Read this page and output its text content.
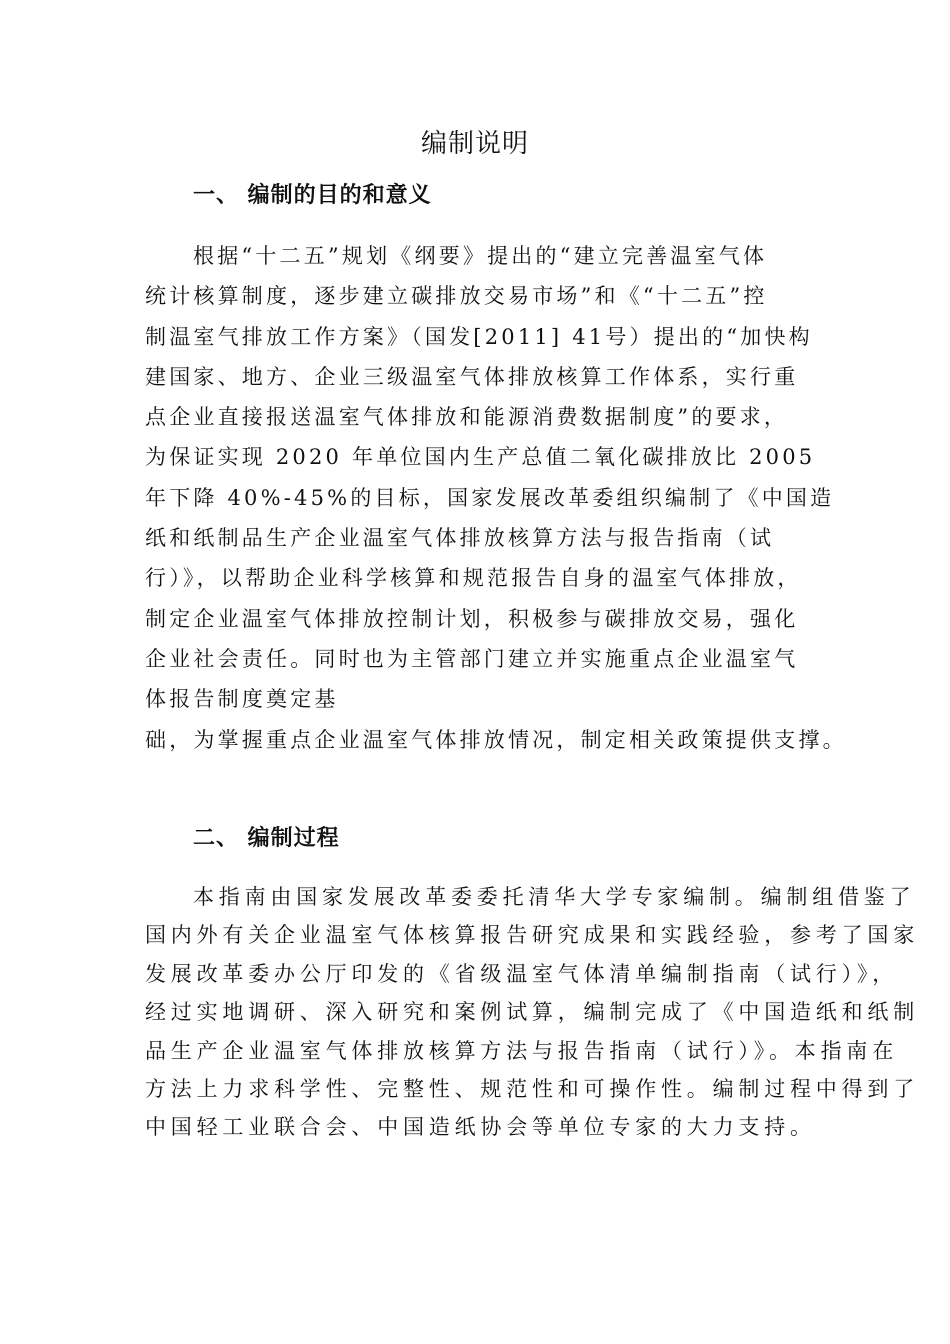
编制说明
一、 编制的目的和意义
根据“十二五”规划《纲要》提出的“建立完善温室气体
统计核算制度，逐步建立碳排放交易市场”和《“十二五”控
制温室气排放工作方案》（国发[2011] 41号）提出的“加快构
建国家、地方、企业三级温室气体排放核算工作体系，实行重
点企业直接报送温室气体排放和能源消费数据制度”的要求，
为保证实现 2020 年单位国内生产总值二氧化碳排放比 2005
年下降 40%-45%的目标，国家发展改革委组织编制了《中国造
纸和纸制品生产企业温室气体排放核算方法与报告指南（试
行）》，以帮助企业科学核算和规范报告自身的温室气体排放，
制定企业温室气体排放控制计划，积极参与碳排放交易，强化
企业社会责任。同时也为主管部门建立并实施重点企业温室气
体报告制度奠定基
础，为掌握重点企业温室气体排放情况，制定相关政策提供支撑。
二、 编制过程
本指南由国家发展改革委委托清华大学专家编制。编制组借鉴了
国内外有关企业温室气体核算报告研究成果和实践经验，参考了国家
发展改革委办公厅印发的《省级温室气体清单编制指南（试行）》，
经过实地调研、深入研究和案例试算，编制完成了《中国造纸和纸制
品生产企业温室气体排放核算方法与报告指南（试行）》。本指南在
方法上力求科学性、完整性、规范性和可操作性。编制过程中得到了
中国轻工业联合会、中国造纸协会等单位专家的大力支持。
